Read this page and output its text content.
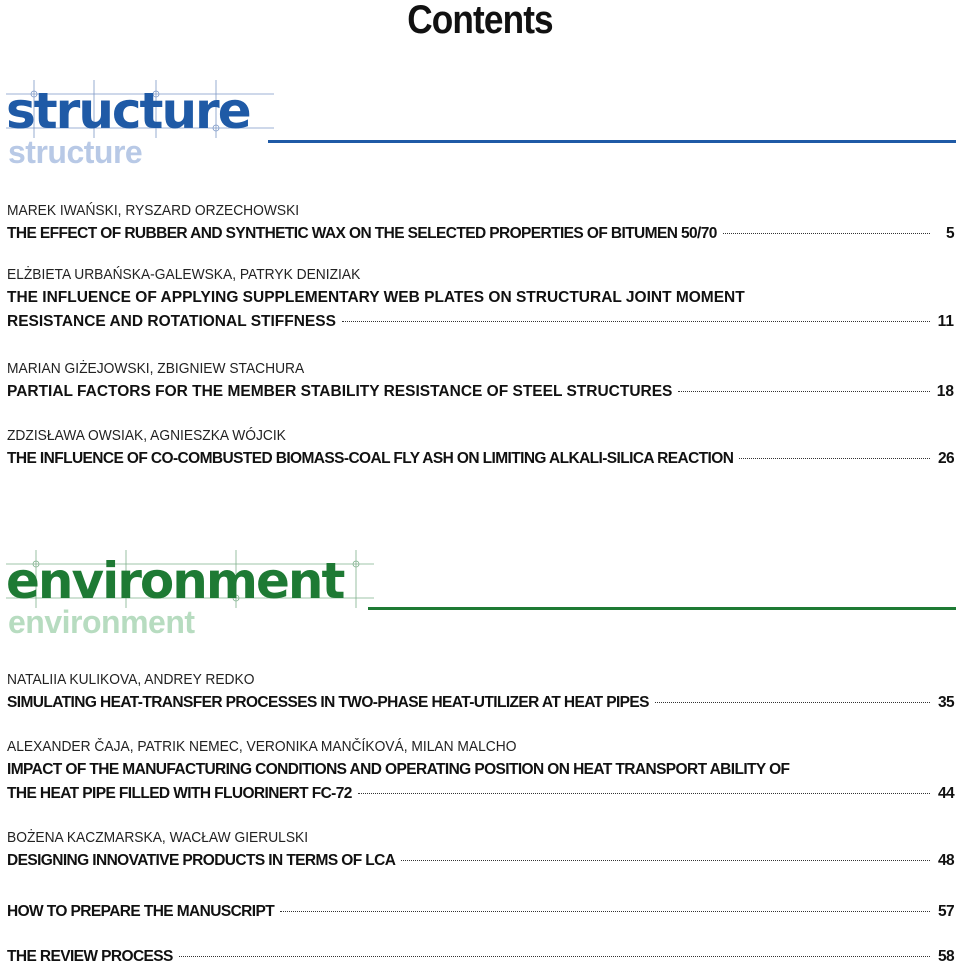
Contents
structure
structure
MAREK IWAŃSKI, RYSZARD ORZECHOWSKI
THE EFFECT OF RUBBER AND SYNTHETIC WAX ON THE SELECTED PROPERTIES OF BITUMEN 50/70	5
ELŻBIETA URBAŃSKA-GALEWSKA, PATRYK DENIZIAK
THE INFLUENCE OF APPLYING SUPPLEMENTARY WEB PLATES ON STRUCTURAL JOINT MOMENT
RESISTANCE AND ROTATIONAL STIFFNESS	11
MARIAN GIŻEJOWSKI, ZBIGNIEW STACHURA
PARTIAL FACTORS FOR THE MEMBER STABILITY RESISTANCE OF STEEL STRUCTURES	18
ZDZISŁAWA OWSIAK, AGNIESZKA WÓJCIK
THE INFLUENCE OF CO-COMBUSTED BIOMASS-COAL FLY ASH ON LIMITING ALKALI-SILICA REACTION	26
environment
environment
NATALIIA KULIKOVA, ANDREY REDKO
SIMULATING HEAT-TRANSFER PROCESSES IN TWO-PHASE HEAT-UTILIZER AT HEAT PIPES	35
ALEXANDER ČAJA, PATRIK NEMEC, VERONIKA MANČÍKOVÁ, MILAN MALCHO
IMPACT OF THE MANUFACTURING CONDITIONS AND OPERATING POSITION ON HEAT TRANSPORT ABILITY OF
THE HEAT PIPE FILLED WITH FLUORINERT FC-72	44
BOŻENA KACZMARSKA, WACŁAW GIERULSKI
DESIGNING INNOVATIVE PRODUCTS IN TERMS OF LCA	48
HOW TO PREPARE THE MANUSCRIPT	57
THE REVIEW PROCESS	58
